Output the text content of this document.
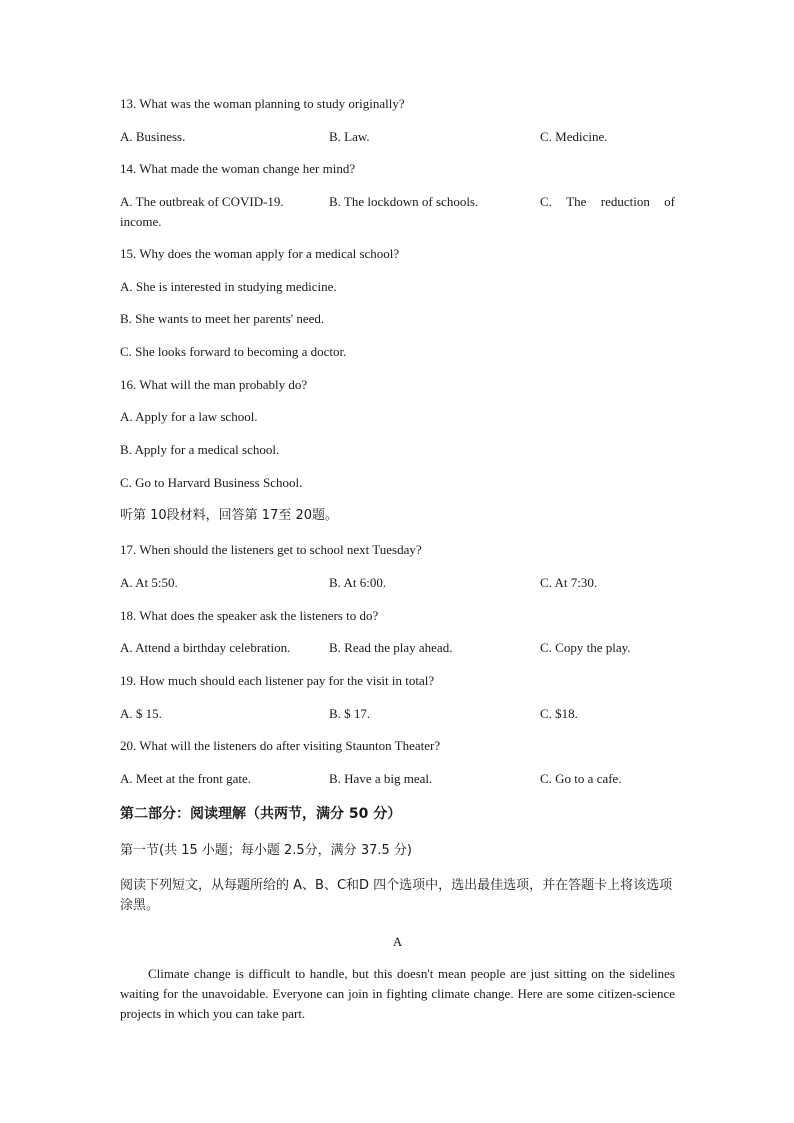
13. What was the woman planning to study originally?
A. Business.	B. Law.	C. Medicine.
14. What made the woman change her mind?
A. The outbreak of COVID-19.	B. The lockdown of schools.	C. The reduction of
income.
15. Why does the woman apply for a medical school?
A. She is interested in studying medicine.
B. She wants to meet her parents' need.
C. She looks forward to becoming a doctor.
16. What will the man probably do?
A. Apply for a law school.
B. Apply for a medical school.
C. Go to Harvard Business School.
听第 10段材料，回答第 17至 20题。
17. When should the listeners get to school next Tuesday?
A. At 5:50.	B. At 6:00.	C. At 7:30.
18. What does the speaker ask the listeners to do?
A. Attend a birthday celebration.	B. Read the play ahead.	C. Copy the play.
19. How much should each listener pay for the visit in total?
A. $ 15.	B. $ 17.	C. $18.
20. What will the listeners do after visiting Staunton Theater?
A. Meet at the front gate.	B. Have a big meal.	C. Go to a cafe.
第二部分：阅读理解（共两节，满分 50 分）
第一节(共 15 小题；每小题 2.5分，满分 37.5 分)
阅读下列短文，从每题所给的 A、B、C和D 四个选项中，选出最佳选项，并在答题卡上将该选项涂黑。
A
Climate change is difficult to handle, but this doesn't mean people are just sitting on the sidelines waiting for the unavoidable. Everyone can join in fighting climate change. Here are some citizen-science projects in which you can take part.
